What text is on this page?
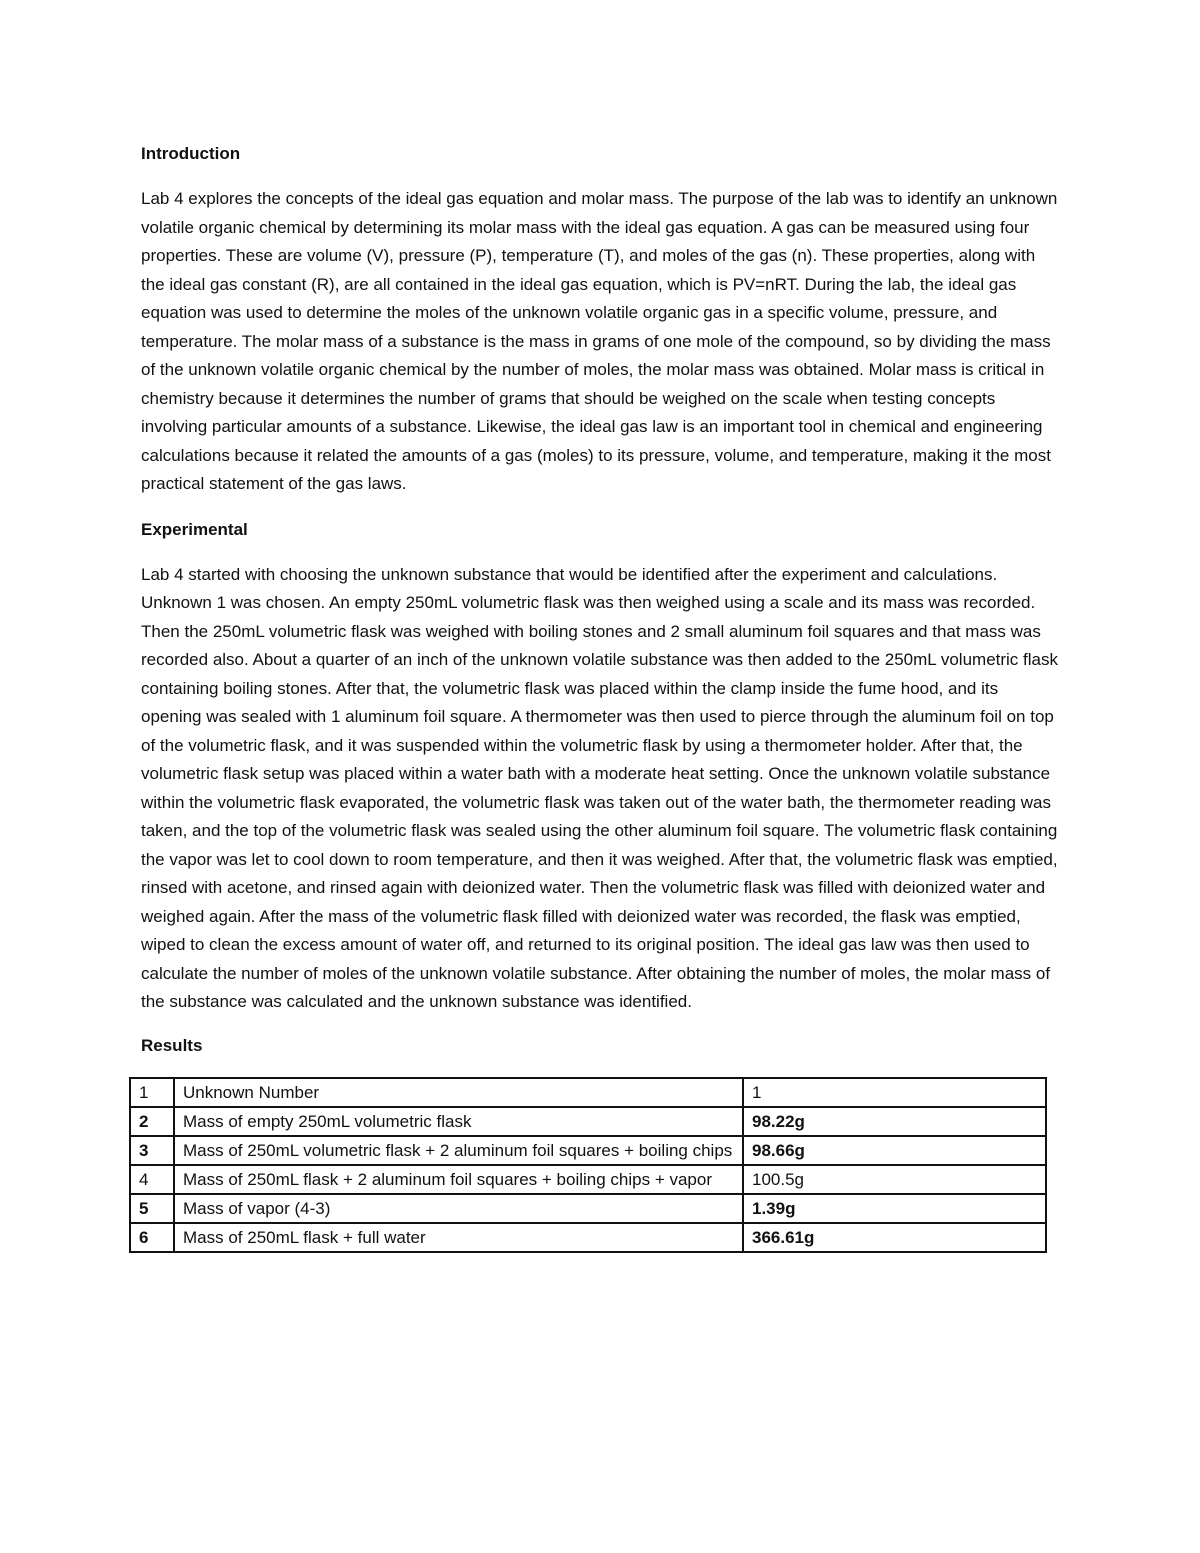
Introduction

Lab 4 explores the concepts of the ideal gas equation and molar mass. The purpose of the lab was to identify an unknown volatile organic chemical by determining its molar mass with the ideal gas equation. A gas can be measured using four properties. These are volume (V), pressure (P), temperature (T), and moles of the gas (n). These properties, along with the ideal gas constant (R), are all contained in the ideal gas equation, which is PV=nRT. During the lab, the ideal gas equation was used to determine the moles of the unknown volatile organic gas in a specific volume, pressure, and temperature. The molar mass of a substance is the mass in grams of one mole of the compound, so by dividing the mass of the unknown volatile organic chemical by the number of moles, the molar mass was obtained. Molar mass is critical in chemistry because it determines the number of grams that should be weighed on the scale when testing concepts involving particular amounts of a substance. Likewise, the ideal gas law is an important tool in chemical and engineering calculations because it related the amounts of a gas (moles) to its pressure, volume, and temperature, making it the most practical statement of the gas laws.

Experimental

Lab 4 started with choosing the unknown substance that would be identified after the experiment and calculations. Unknown 1 was chosen. An empty 250mL volumetric flask was then weighed using a scale and its mass was recorded. Then the 250mL volumetric flask was weighed with boiling stones and 2 small aluminum foil squares and that mass was recorded also. About a quarter of an inch of the unknown volatile substance was then added to the 250mL volumetric flask containing boiling stones. After that, the volumetric flask was placed within the clamp inside the fume hood, and its opening was sealed with 1 aluminum foil square. A thermometer was then used to pierce through the aluminum foil on top of the volumetric flask, and it was suspended within the volumetric flask by using a thermometer holder. After that, the volumetric flask setup was placed within a water bath with a moderate heat setting. Once the unknown volatile substance within the volumetric flask evaporated, the volumetric flask was taken out of the water bath, the thermometer reading was taken, and the top of the volumetric flask was sealed using the other aluminum foil square. The volumetric flask containing the vapor was let to cool down to room temperature, and then it was weighed. After that, the volumetric flask was emptied, rinsed with acetone, and rinsed again with deionized water. Then the volumetric flask was filled with deionized water and weighed again. After the mass of the volumetric flask filled with deionized water was recorded, the flask was emptied, wiped to clean the excess amount of water off, and returned to its original position. The ideal gas law was then used to calculate the number of moles of the unknown volatile substance. After obtaining the number of moles, the molar mass of the substance was calculated and the unknown substance was identified.

Results
1	Unknown Number	1
2	Mass of empty 250mL volumetric flask	98.22g
3	Mass of 250mL volumetric flask + 2 aluminum foil squares + boiling chips	98.66g
4	Mass of 250mL flask + 2 aluminum foil squares + boiling chips + vapor	100.5g
5	Mass of vapor (4-3)	1.39g
6	Mass of 250mL flask + full water	366.61g
